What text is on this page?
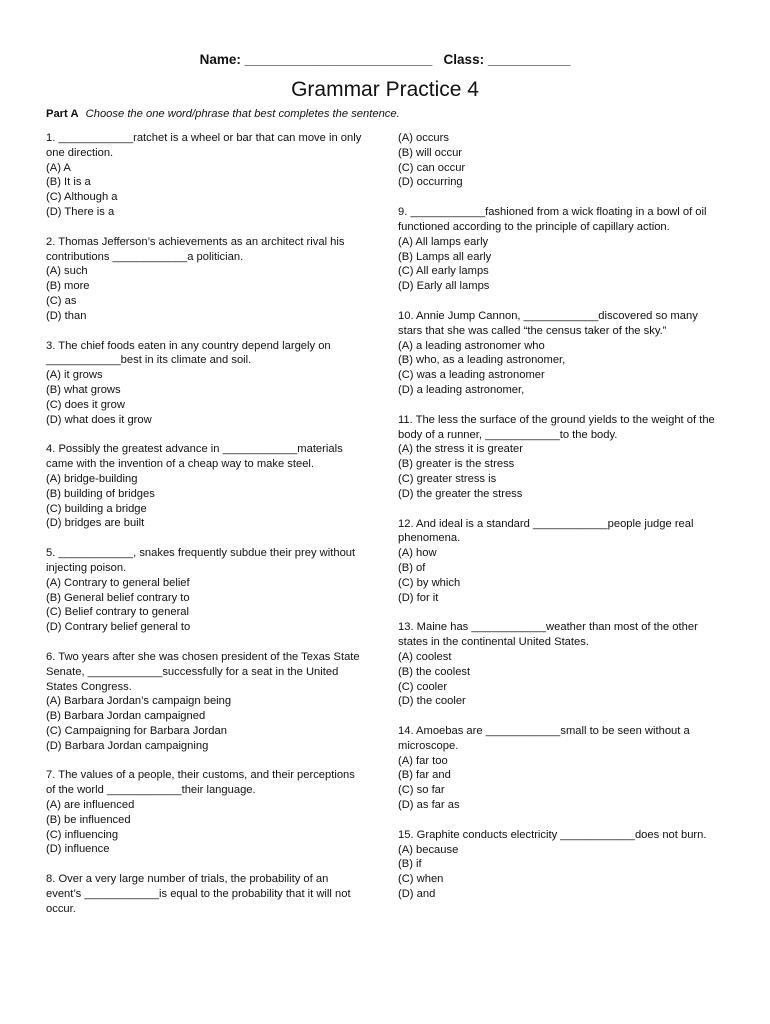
Name: _________________________   Class: ___________
Grammar Practice 4
Part A Choose the one word/phrase that best completes the sentence.
1. ____________ratchet is a wheel or bar that can move in only one direction.
(A) A
(B) It is a
(C) Although a
(D) There is a
2. Thomas Jefferson’s achievements as an architect rival his contributions ____________a politician.
(A) such
(B) more
(C) as
(D) than
3. The chief foods eaten in any country depend largely on ____________best in its climate and soil.
(A) it grows
(B) what grows
(C) does it grow
(D) what does it grow
4. Possibly the greatest advance in ____________materials came with the invention of a cheap way to make steel.
(A) bridge-building
(B) building of bridges
(C) building a bridge
(D) bridges are built
5. ____________, snakes frequently subdue their prey without injecting poison.
(A) Contrary to general belief
(B) General belief contrary to
(C) Belief contrary to general
(D) Contrary belief general to
6. Two years after she was chosen president of the Texas State Senate, ____________successfully for a seat in the United States Congress.
(A) Barbara Jordan’s campaign being
(B) Barbara Jordan campaigned
(C) Campaigning for Barbara Jordan
(D) Barbara Jordan campaigning
7. The values of a people, their customs, and their perceptions of the world ____________their language.
(A) are influenced
(B) be influenced
(C) influencing
(D) influence
8. Over a very large number of trials, the probability of an event’s ____________is equal to the probability that it will not occur.
(A) occurs
(B) will occur
(C) can occur
(D) occurring
9. ____________fashioned from a wick floating in a bowl of oil functioned according to the principle of capillary action.
(A) All lamps early
(B) Lamps all early
(C) All early lamps
(D) Early all lamps
10. Annie Jump Cannon, ____________discovered so many stars that she was called “the census taker of the sky.”
(A) a leading astronomer who
(B) who, as a leading astronomer,
(C) was a leading astronomer
(D) a leading astronomer,
11. The less the surface of the ground yields to the weight of the body of a runner, ____________to the body.
(A) the stress it is greater
(B) greater is the stress
(C) greater stress is
(D) the greater the stress
12. And ideal is a standard ____________people judge real phenomena.
(A) how
(B) of
(C) by which
(D) for it
13. Maine has ____________weather than most of the other states in the continental United States.
(A) coolest
(B) the coolest
(C) cooler
(D) the cooler
14. Amoebas are ____________small to be seen without a microscope.
(A) far too
(B) far and
(C) so far
(D) as far as
15. Graphite conducts electricity ____________does not burn.
(A) because
(B) if
(C) when
(D) and
